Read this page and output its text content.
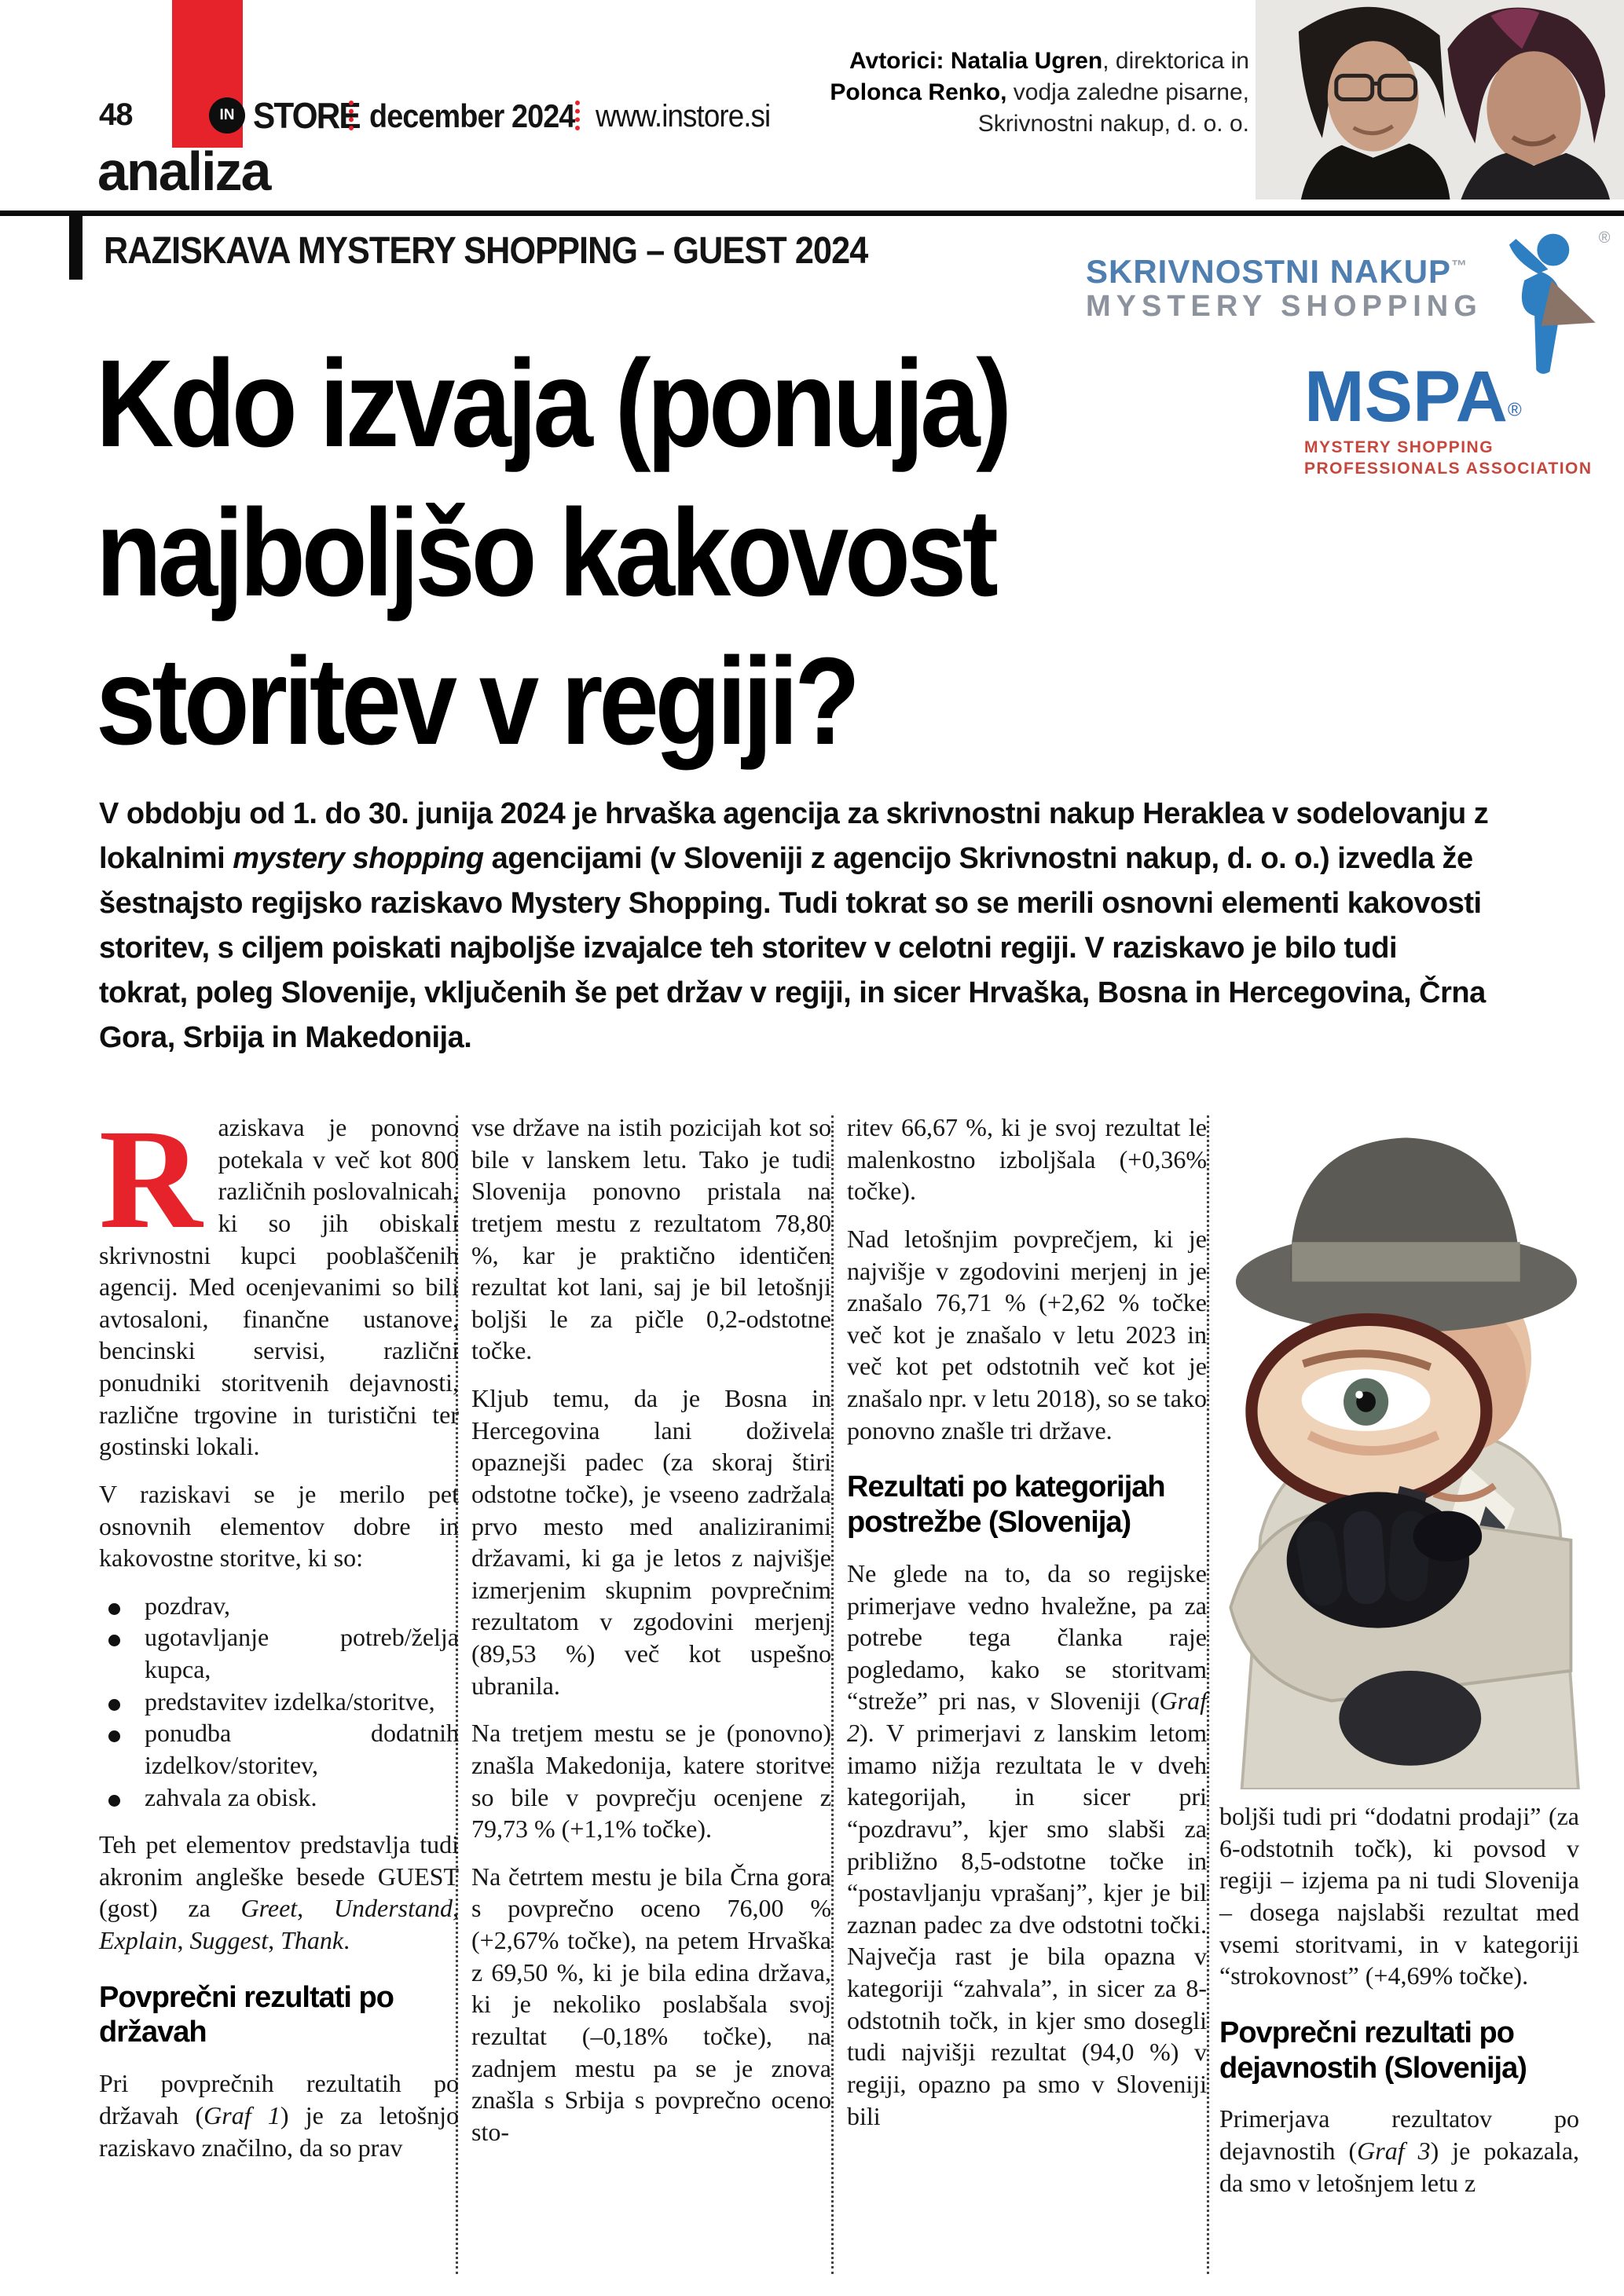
48	IN STORE december 2024 www.instore.si
analiza
Avtorici: Natalia Ugren, direktorica in
Polonca Renko, vodja zaledne pisarne,
Skrivnostni nakup, d. o. o.
RAZISKAVA MYSTERY SHOPPING – GUEST 2024	SKRIVNOSTNI NAKUP™
MYSTERY SHOPPING
®
MSPA®
MYSTERY SHOPPING
PROFESSIONALS ASSOCIATION
Kdo izvaja (ponuja)
najboljšo kakovost
storitev v regiji?
V obdobju od 1. do 30. junija 2024 je hrvaška agencija za skrivnostni nakup Heraklea v sodelovanju z lokalnimi mystery shopping agencijami (v Sloveniji z agencijo Skrivnostni nakup, d. o. o.) izvedla že šestnajsto regijsko raziskavo Mystery Shopping. Tudi tokrat so se merili osnovni elementi kakovosti storitev, s ciljem poiskati najboljše izvajalce teh storitev v celotni regiji. V raziskavo je bilo tudi tokrat, poleg Slovenije, vključenih še pet držav v regiji, in sicer Hrvaška, Bosna in Hercegovina, Črna Gora, Srbija in Makedonija.

Raziskava je ponovno potekala v več kot 800 različnih poslovalnicah, ki so jih obiskali skrivnostni kupci pooblaščenih agencij. Med ocenjevanimi so bili avtosaloni, finančne ustanove, bencinski servisi, različni ponudniki storitvenih dejavnosti, različne trgovine in turistični ter gostinski lokali.

V raziskavi se je merilo pet osnovnih elementov dobre in kakovostne storitve, ki so:

pozdrav,
ugotavljanje potreb/želja kupca,
predstavitev izdelka/storitve,
ponudba dodatnih izdelkov/storitev,
zahvala za obisk.

Teh pet elementov predstavlja tudi akronim angleške besede GUEST (gost) za Greet, Understand, Explain, Suggest, Thank.

Povprečni rezultati po državah

Pri povprečnih rezultatih po državah (Graf 1) je za letošnjo raziskavo značilno, da so prav

vse države na istih pozicijah kot so bile v lanskem letu. Tako je tudi Slovenija ponovno pristala na tretjem mestu z rezultatom 78,80 %, kar je praktično identičen rezultat kot lani, saj je bil letošnji boljši le za pičle 0,2-odstotne točke.

Kljub temu, da je Bosna in Hercegovina lani doživela opaznejši padec (za skoraj štiri odstotne točke), je vseeno zadržala prvo mesto med analiziranimi državami, ki ga je letos z najvišje izmerjenim skupnim povprečnim rezultatom v zgodovini merjenj (89,53 %) več kot uspešno ubranila.

Na tretjem mestu se je (ponovno) znašla Makedonija, katere storitve so bile v povprečju ocenjene z 79,73 % (+1,1% točke).

Na četrtem mestu je bila Črna gora s povprečno oceno 76,00 % (+2,67% točke), na petem Hrvaška z 69,50 %, ki je bila edina država, ki je nekoliko poslabšala svoj rezultat (–0,18% točke), na zadnjem mestu pa se je znova znašla s Srbija s povprečno oceno sto-

ritev 66,67 %, ki je svoj rezultat le malenkostno izboljšala (+0,36% točke).

Nad letošnjim povprečjem, ki je najvišje v zgodovini merjenj in je znašalo 76,71 % (+2,62 % točke več kot je znašalo v letu 2023 in več kot pet odstotnih več kot je znašalo npr. v letu 2018), so se tako ponovno znašle tri države.

Rezultati po kategorijah postrežbe (Slovenija)

Ne glede na to, da so regijske primerjave vedno hvaležne, pa za potrebe tega članka raje pogledamo, kako se storitvam “streže” pri nas, v Sloveniji (Graf 2). V primerjavi z lanskim letom imamo nižja rezultata le v dveh kategorijah, in sicer pri “pozdravu”, kjer smo slabši za približno 8,5-odstotne točke in “postavljanju vprašanj”, kjer je bil zaznan padec za dve odstotni točki. Največja rast je bila opazna v kategoriji “zahvala”, in sicer za 8-odstotnih točk, in kjer smo dosegli tudi najvišji rezultat (94,0 %) v regiji, opazno pa smo v Sloveniji bili

boljši tudi pri “dodatni prodaji” (za 6-odstotnih točk), ki povsod v regiji – izjema pa ni tudi Slovenija – dosega najslabši rezultat med vsemi storitvami, in v kategoriji “strokovnost” (+4,69% točke).

Povprečni rezultati po dejavnostih (Slovenija)

Primerjava rezultatov po dejavnostih (Graf 3) je pokazala, da smo v letošnjem letu z
